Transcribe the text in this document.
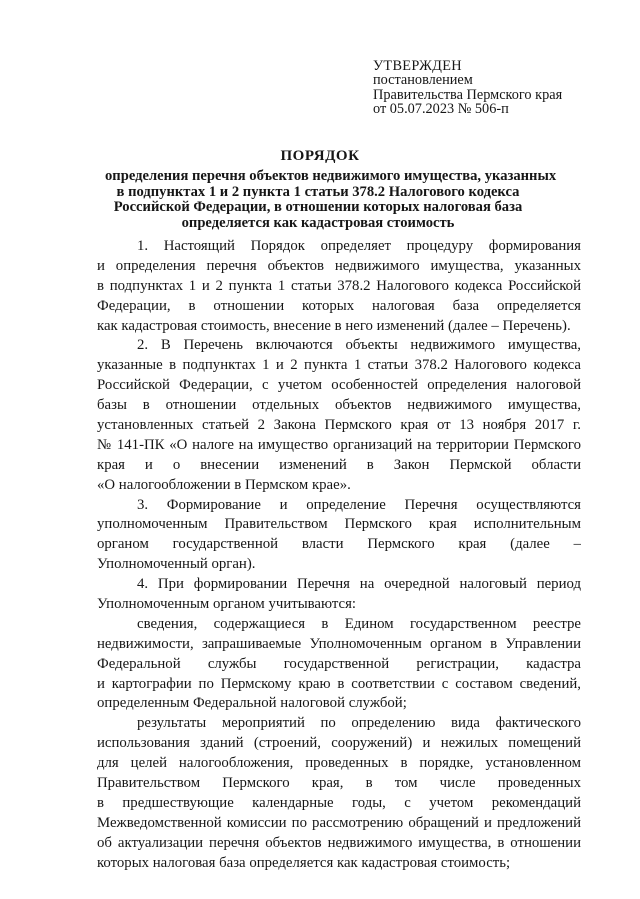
УТВЕРЖДЕН
постановлением
Правительства Пермского края
от 05.07.2023 № 506-п
ПОРЯДОК
определения перечня объектов недвижимого имущества, указанных
в подпунктах 1 и 2 пункта 1 статьи 378.2 Налогового кодекса
Российской Федерации, в отношении которых налоговая база
определяется как кадастровая стоимость
1. Настоящий Порядок определяет процедуру формирования
и определения перечня объектов недвижимого имущества, указанных
в подпунктах 1 и 2 пункта 1 статьи 378.2 Налогового кодекса Российской
Федерации, в отношении которых налоговая база определяется
как кадастровая стоимость, внесение в него изменений (далее – Перечень).
2. В Перечень включаются объекты недвижимого имущества,
указанные в подпунктах 1 и 2 пункта 1 статьи 378.2 Налогового кодекса
Российской Федерации, с учетом особенностей определения налоговой
базы в отношении отдельных объектов недвижимого имущества,
установленных статьей 2 Закона Пермского края от 13 ноября 2017 г.
№ 141-ПК «О налоге на имущество организаций на территории Пермского
края и о внесении изменений в Закон Пермской области
«О налогообложении в Пермском крае».
3. Формирование и определение Перечня осуществляются
уполномоченным Правительством Пермского края исполнительным
органом государственной власти Пермского края (далее –
Уполномоченный орган).
4. При формировании Перечня на очередной налоговый период
Уполномоченным органом учитываются:
сведения, содержащиеся в Едином государственном реестре
недвижимости, запрашиваемые Уполномоченным органом в Управлении
Федеральной службы государственной регистрации, кадастра
и картографии по Пермскому краю в соответствии с составом сведений,
определенным Федеральной налоговой службой;
результаты мероприятий по определению вида фактического
использования зданий (строений, сооружений) и нежилых помещений
для целей налогообложения, проведенных в порядке, установленном
Правительством Пермского края, в том числе проведенных
в предшествующие календарные годы, с учетом рекомендаций
Межведомственной комиссии по рассмотрению обращений и предложений
об актуализации перечня объектов недвижимого имущества, в отношении
которых налоговая база определяется как кадастровая стоимость;
